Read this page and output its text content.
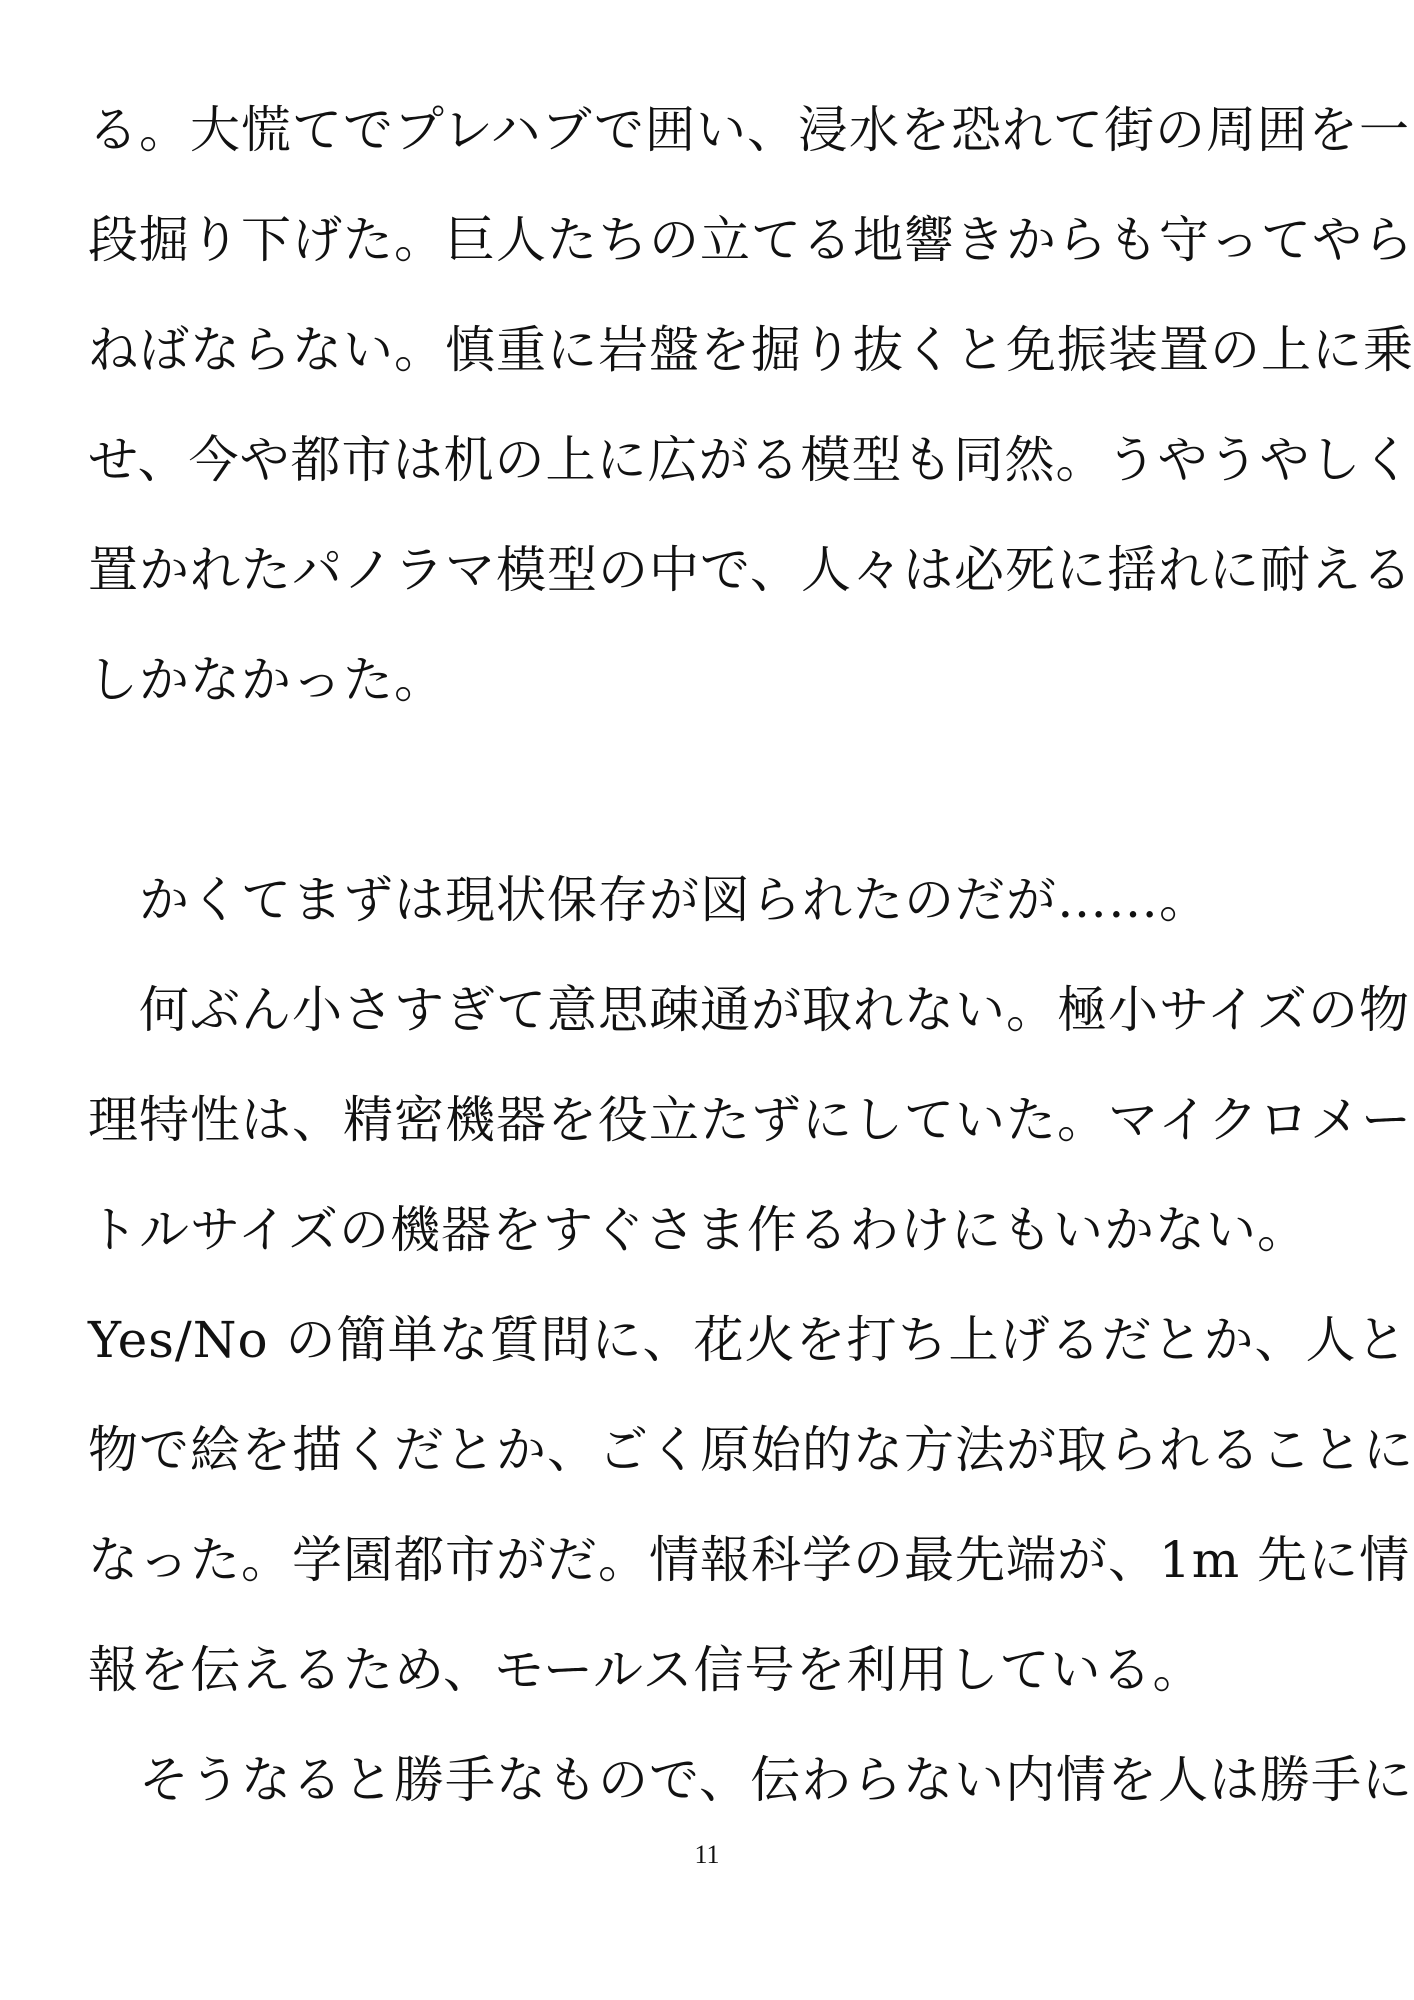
る。大慌てでプレハブで囲い、浸水を恐れて街の周囲を一
段掘り下げた。巨人たちの立てる地響きからも守ってやら
ねばならない。慎重に岩盤を掘り抜くと免振装置の上に乗
せ、今や都市は机の上に広がる模型も同然。うやうやしく
置かれたパノラマ模型の中で、人々は必死に揺れに耐える
しかなかった。
　かくてまずは現状保存が図られたのだが……。
　何ぶん小さすぎて意思疎通が取れない。極小サイズの物
理特性は、精密機器を役立たずにしていた。マイクロメー
トルサイズの機器をすぐさま作るわけにもいかない。
Yes/No の簡単な質問に、花火を打ち上げるだとか、人と
物で絵を描くだとか、ごく原始的な方法が取られることに
なった。学園都市がだ。情報科学の最先端が、1m 先に情
報を伝えるため、モールス信号を利用している。
　そうなると勝手なもので、伝わらない内情を人は勝手に
11
